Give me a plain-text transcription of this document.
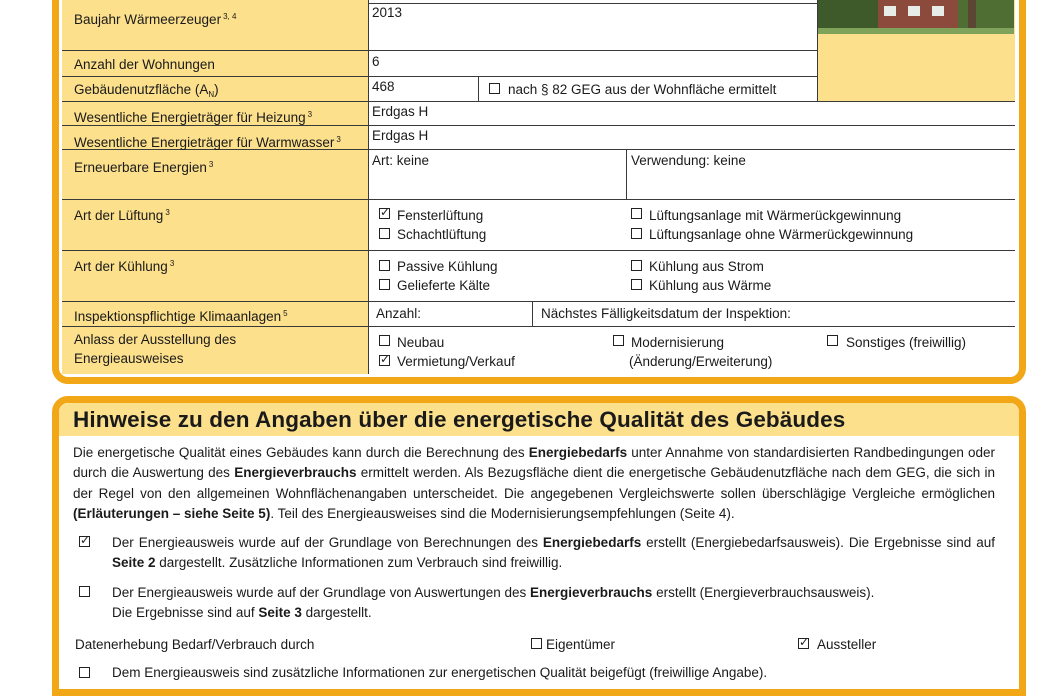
Baujahr Wärmeerzeuger $^{3, 4}$
Anzahl der Wohnungen
Gebäudenutzfläche $(A_N)$
Wesentliche Energieträger für Heizung $^3$
Wesentliche Energieträger für Warmwasser $^3$
Erneuerbare Energien $^3$
Art der Lüftung $^3$
Art der Kühlung $^3$
Inspektionspflichtige Klimaanlagen $^5$
Anlass der Ausstellung des
Energieausweises
2013
6
468	nach § 82 GEG aus der Wohnfläche ermittelt
Erdgas H
Erdgas H
Art: keine	Verwendung: keine
✓
Fensterlüftung
Schachtlüftung
Lüftungsanlage mit Wärmerückgewinnung
Lüftungsanlage ohne Wärmerückgewinnung
Passive Kühlung
Gelieferte Kälte
Kühlung aus Strom
Kühlung aus Wärme
Anzahl:	Nächstes Fälligkeitsdatum der Inspektion:
Neubau
✓
Vermietung/Verkauf
Modernisierung
(Änderung/Erweiterung)
Sonstiges (freiwillig)
Hinweise zu den Angaben über die energetische Qualität des Gebäudes
Die energetische Qualität eines Gebäudes kann durch die Berechnung des Energiebedarfs unter Annahme von standardisierten Randbedingungen oder durch die Auswertung des Energieverbrauchs ermittelt werden. Als Bezugsfläche dient die energetische Gebäudenutzfläche nach dem GEG, die sich in der Regel von den allgemeinen Wohnflächenangaben unterscheidet. Die angegebenen Vergleichswerte sollen überschlägige Vergleiche ermöglichen (Erläuterungen – siehe Seite 5). Teil des Energieausweises sind die Modernisierungsempfehlungen (Seite 4).
✓
Der Energieausweis wurde auf der Grundlage von Berechnungen des Energiebedarfs erstellt (Energiebedarfsausweis). Die Ergebnisse sind auf Seite 2 dargestellt. Zusätzliche Informationen zum Verbrauch sind freiwillig.
Der Energieausweis wurde auf der Grundlage von Auswertungen des Energieverbrauchs erstellt (Energieverbrauchsausweis).
Die Ergebnisse sind auf Seite 3 dargestellt.
Datenerhebung Bedarf/Verbrauch durch	Eigentümer
✓	Aussteller
Dem Energieausweis sind zusätzliche Informationen zur energetischen Qualität beigefügt (freiwillige Angabe).
